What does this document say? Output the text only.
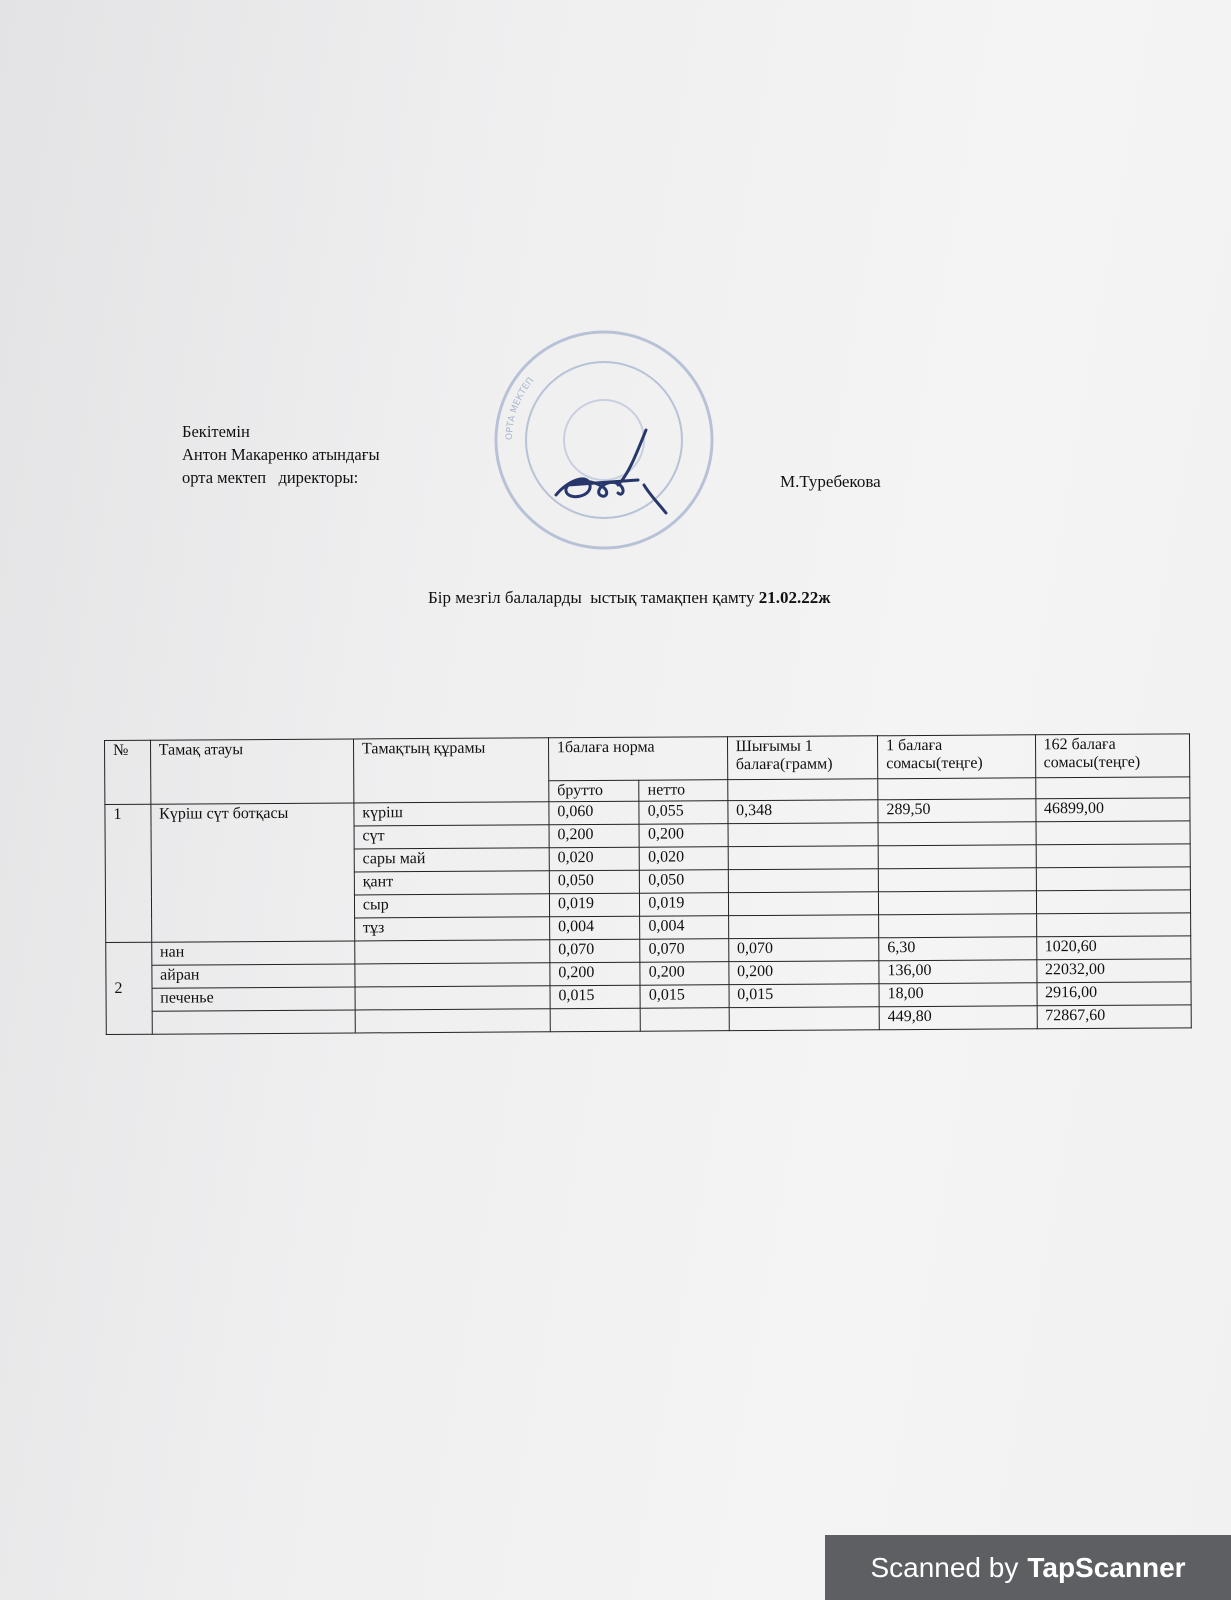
Бекітемін
Антон Макаренко атындағы
орта мектеп   директоры:
ОРТА МЕКТЕП
М.Туребекова
Бір мезгіл балаларды  ыстық тамақпен қамту 21.02.22ж
№	Тамақ атауы	Тамақтың құрамы	1балаға норма		Шығымы 1 балаға(грамм)	1 балаға сомасы(теңге)	162 балаға сомасы(теңге)
			брутто	нетто			
1	Күріш сүт ботқасы	күріш	0,060	0,055	0,348	289,50	46899,00
		сүт	0,200	0,200			
		сары май	0,020	0,020			
		қант	0,050	0,050			
		сыр	0,019	0,019			
		тұз	0,004	0,004			
2	нан		0,070	0,070	0,070	6,30	1020,60
	айран		0,200	0,200	0,200	136,00	22032,00
	печенье		0,015	0,015	0,015	18,00	2916,00
						449,80	72867,60
Scanned by TapScanner
